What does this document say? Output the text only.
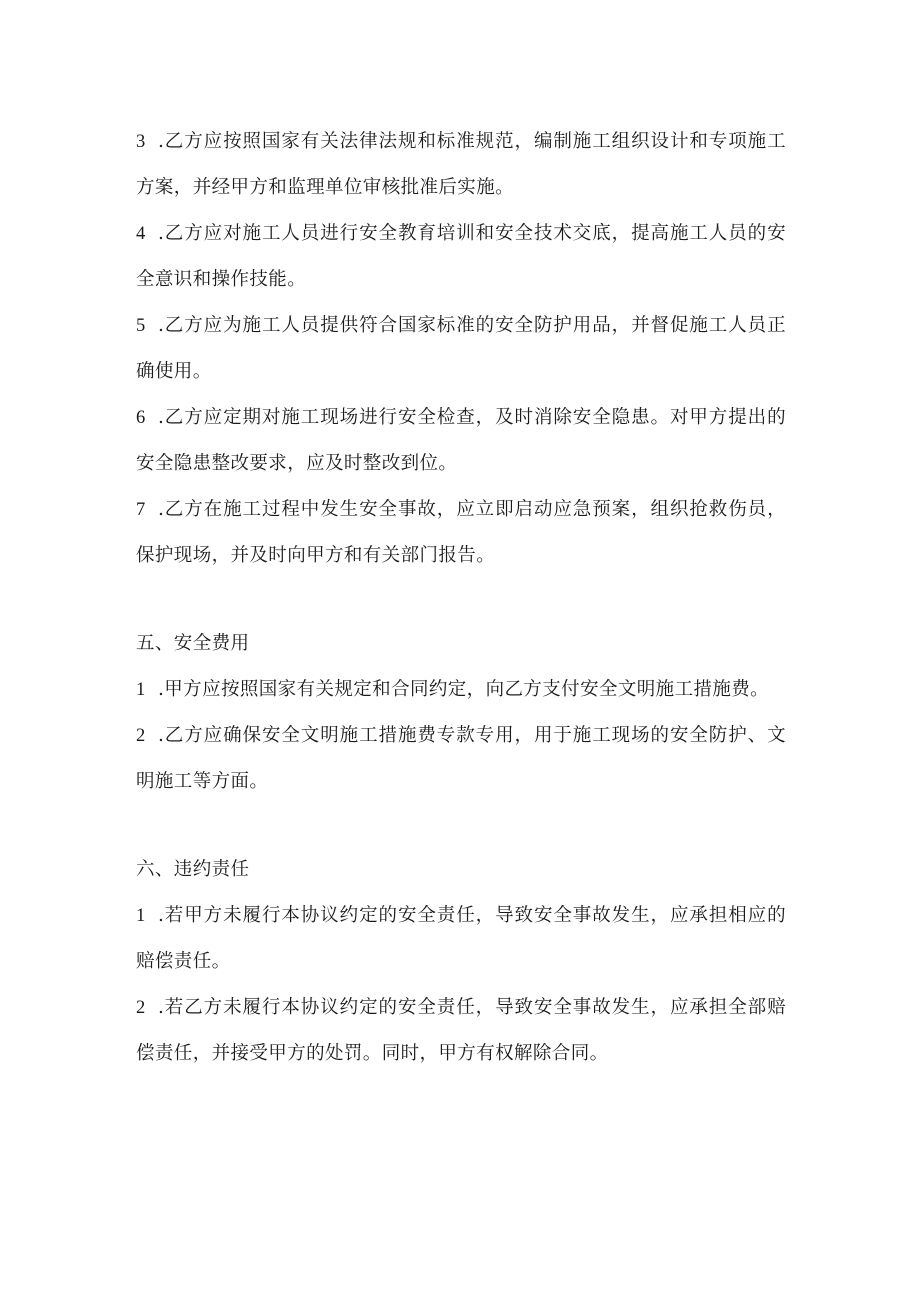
3 .乙方应按照国家有关法律法规和标准规范，编制施工组织设计和专项施工方案，并经甲方和监理单位审核批准后实施。

4 .乙方应对施工人员进行安全教育培训和安全技术交底，提高施工人员的安全意识和操作技能。

5 .乙方应为施工人员提供符合国家标准的安全防护用品，并督促施工人员正确使用。

6 .乙方应定期对施工现场进行安全检查，及时消除安全隐患。对甲方提出的安全隐患整改要求，应及时整改到位。

7 .乙方在施工过程中发生安全事故，应立即启动应急预案，组织抢救伤员，保护现场，并及时向甲方和有关部门报告。

五、安全费用

1 .甲方应按照国家有关规定和合同约定，向乙方支付安全文明施工措施费。

2 .乙方应确保安全文明施工措施费专款专用，用于施工现场的安全防护、文明施工等方面。

六、违约责任

1 .若甲方未履行本协议约定的安全责任，导致安全事故发生，应承担相应的赔偿责任。

2 .若乙方未履行本协议约定的安全责任，导致安全事故发生，应承担全部赔偿责任，并接受甲方的处罚。同时，甲方有权解除合同。
